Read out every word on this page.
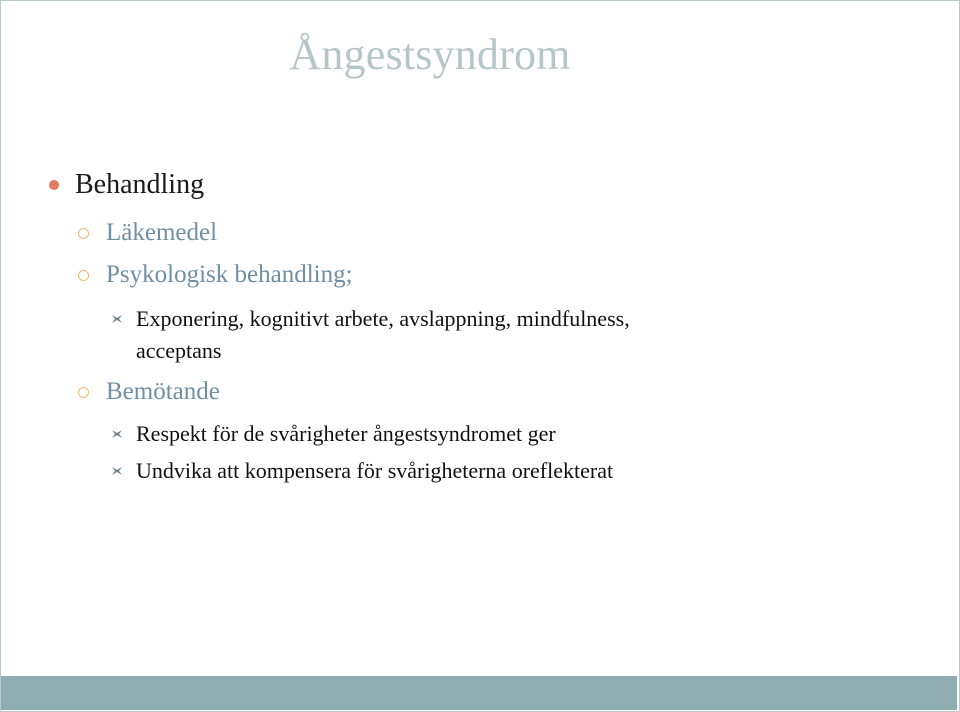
Ångestsyndrom
Behandling
Läkemedel
Psykologisk behandling;
Exponering, kognitivt arbete, avslappning, mindfulness,
acceptans
Bemötande
Respekt för de svårigheter ångestsyndromet ger
Undvika att kompensera för svårigheterna oreflekterat
